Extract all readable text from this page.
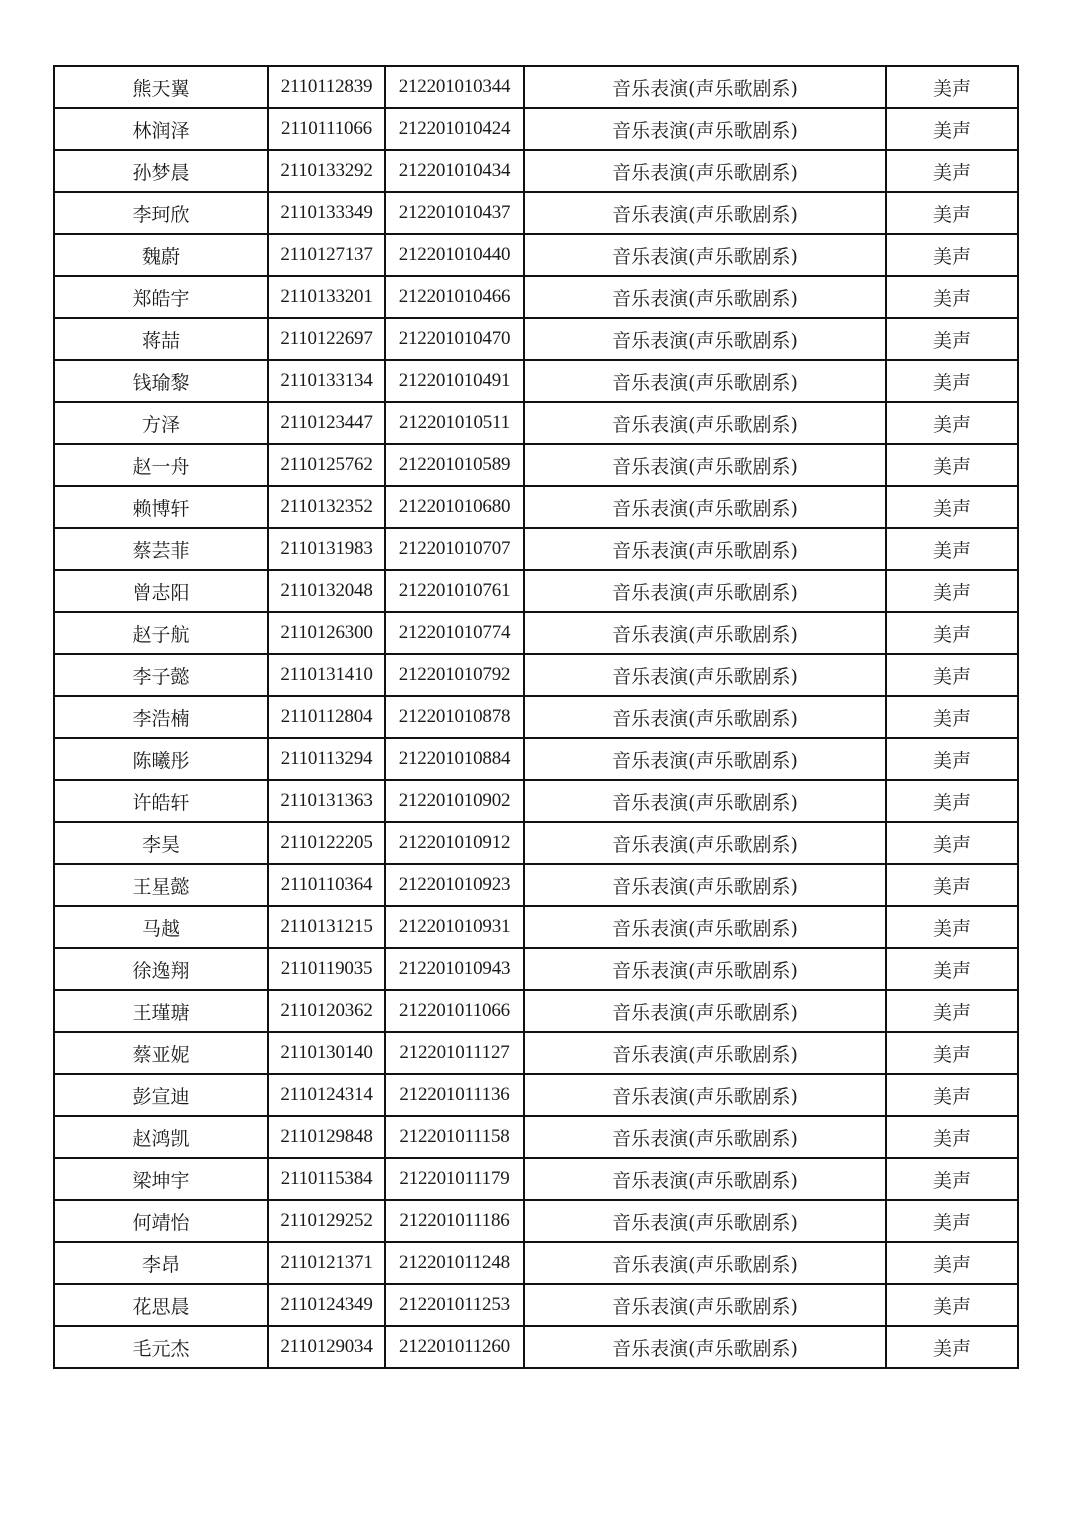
熊天翼	2110112839	212201010344	音乐表演(声乐歌剧系)	美声
林润泽	2110111066	212201010424	音乐表演(声乐歌剧系)	美声
孙梦晨	2110133292	212201010434	音乐表演(声乐歌剧系)	美声
李珂欣	2110133349	212201010437	音乐表演(声乐歌剧系)	美声
魏蔚	2110127137	212201010440	音乐表演(声乐歌剧系)	美声
郑皓宇	2110133201	212201010466	音乐表演(声乐歌剧系)	美声
蒋喆	2110122697	212201010470	音乐表演(声乐歌剧系)	美声
钱瑜黎	2110133134	212201010491	音乐表演(声乐歌剧系)	美声
方泽	2110123447	212201010511	音乐表演(声乐歌剧系)	美声
赵一舟	2110125762	212201010589	音乐表演(声乐歌剧系)	美声
赖博轩	2110132352	212201010680	音乐表演(声乐歌剧系)	美声
蔡芸菲	2110131983	212201010707	音乐表演(声乐歌剧系)	美声
曾志阳	2110132048	212201010761	音乐表演(声乐歌剧系)	美声
赵子航	2110126300	212201010774	音乐表演(声乐歌剧系)	美声
李子懿	2110131410	212201010792	音乐表演(声乐歌剧系)	美声
李浩楠	2110112804	212201010878	音乐表演(声乐歌剧系)	美声
陈曦彤	2110113294	212201010884	音乐表演(声乐歌剧系)	美声
许皓轩	2110131363	212201010902	音乐表演(声乐歌剧系)	美声
李昊	2110122205	212201010912	音乐表演(声乐歌剧系)	美声
王星懿	2110110364	212201010923	音乐表演(声乐歌剧系)	美声
马越	2110131215	212201010931	音乐表演(声乐歌剧系)	美声
徐逸翔	2110119035	212201010943	音乐表演(声乐歌剧系)	美声
王瑾瑭	2110120362	212201011066	音乐表演(声乐歌剧系)	美声
蔡亚妮	2110130140	212201011127	音乐表演(声乐歌剧系)	美声
彭宣迪	2110124314	212201011136	音乐表演(声乐歌剧系)	美声
赵鸿凯	2110129848	212201011158	音乐表演(声乐歌剧系)	美声
梁坤宇	2110115384	212201011179	音乐表演(声乐歌剧系)	美声
何靖怡	2110129252	212201011186	音乐表演(声乐歌剧系)	美声
李昂	2110121371	212201011248	音乐表演(声乐歌剧系)	美声
花思晨	2110124349	212201011253	音乐表演(声乐歌剧系)	美声
毛元杰	2110129034	212201011260	音乐表演(声乐歌剧系)	美声
